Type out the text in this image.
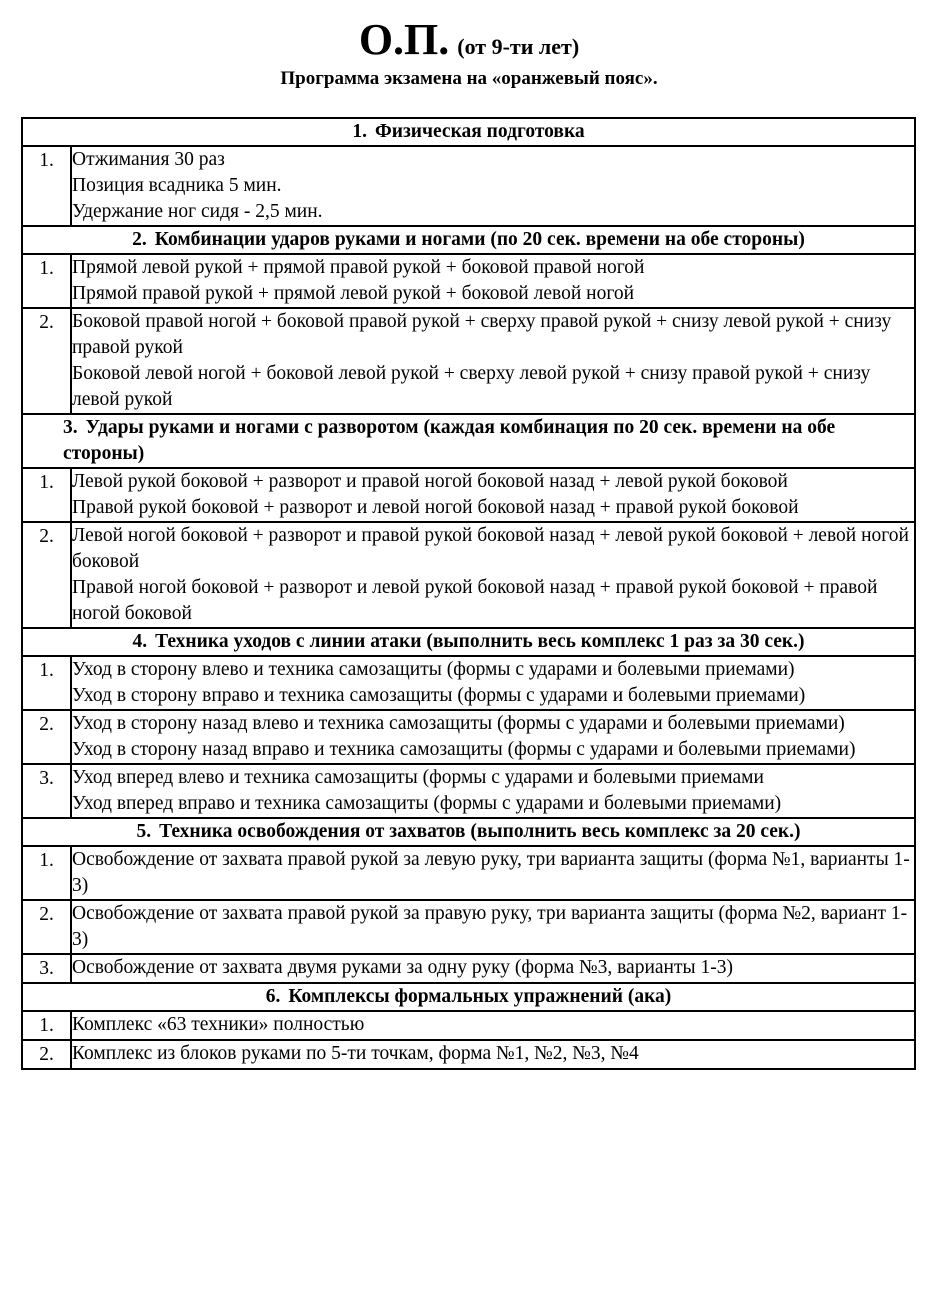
О.П. (от 9-ти лет)
Программа экзамена на «оранжевый пояс».
1. Физическая подготовка	

1.	Отжимания 30 раз
Позиция всадника 5 мин.
Удержание ног сидя - 2,5 мин.

2. Комбинации ударов руками и ногами (по 20 сек. времени на обе стороны)	

1.	Прямой левой рукой + прямой правой рукой + боковой правой ногой
Прямой правой рукой + прямой левой рукой + боковой левой ногой

2.	Боковой правой ногой + боковой правой рукой + сверху правой рукой + снизу левой рукой + снизу правой рукой
Боковой левой ногой + боковой левой рукой + сверху левой рукой + снизу правой рукой + снизу левой рукой

3. Удары руками и ногами с разворотом (каждая комбинация по 20 сек. времени на обе стороны)	

1.	Левой рукой боковой + разворот и правой ногой боковой назад + левой рукой боковой
Правой рукой боковой + разворот и левой ногой боковой назад + правой рукой боковой

2.	Левой ногой боковой + разворот и правой рукой боковой назад + левой рукой боковой + левой ногой боковой
Правой ногой боковой + разворот и левой рукой боковой назад + правой рукой боковой + правой ногой боковой

4. Техника уходов с линии атаки (выполнить весь комплекс 1 раз за 30 сек.)	

1.	Уход в сторону влево и техника самозащиты (формы с ударами и болевыми приемами)
Уход в сторону вправо и техника самозащиты (формы с ударами и болевыми приемами)

2.	Уход в сторону назад влево и техника самозащиты (формы с ударами и болевыми приемами)
Уход в сторону назад вправо и техника самозащиты (формы с ударами и болевыми приемами)

3.	Уход вперед влево и техника самозащиты (формы с ударами и болевыми приемами
Уход вперед вправо и техника самозащиты (формы с ударами и болевыми приемами)

5. Техника освобождения от захватов (выполнить весь комплекс за 20 сек.)	

1.	Освобождение от захвата правой рукой за левую руку, три варианта защиты (форма №1, варианты 1-3)

2.	Освобождение от захвата правой рукой за правую руку, три варианта защиты (форма №2, вариант 1-3)

3.	Освобождение от захвата двумя руками за одну руку (форма №3, варианты 1-3)

6. Комплексы формальных упражнений (ака)	

1.	Комплекс «63 техники» полностью

2.	Комплекс из блоков руками по 5-ти точкам, форма №1, №2, №3, №4
